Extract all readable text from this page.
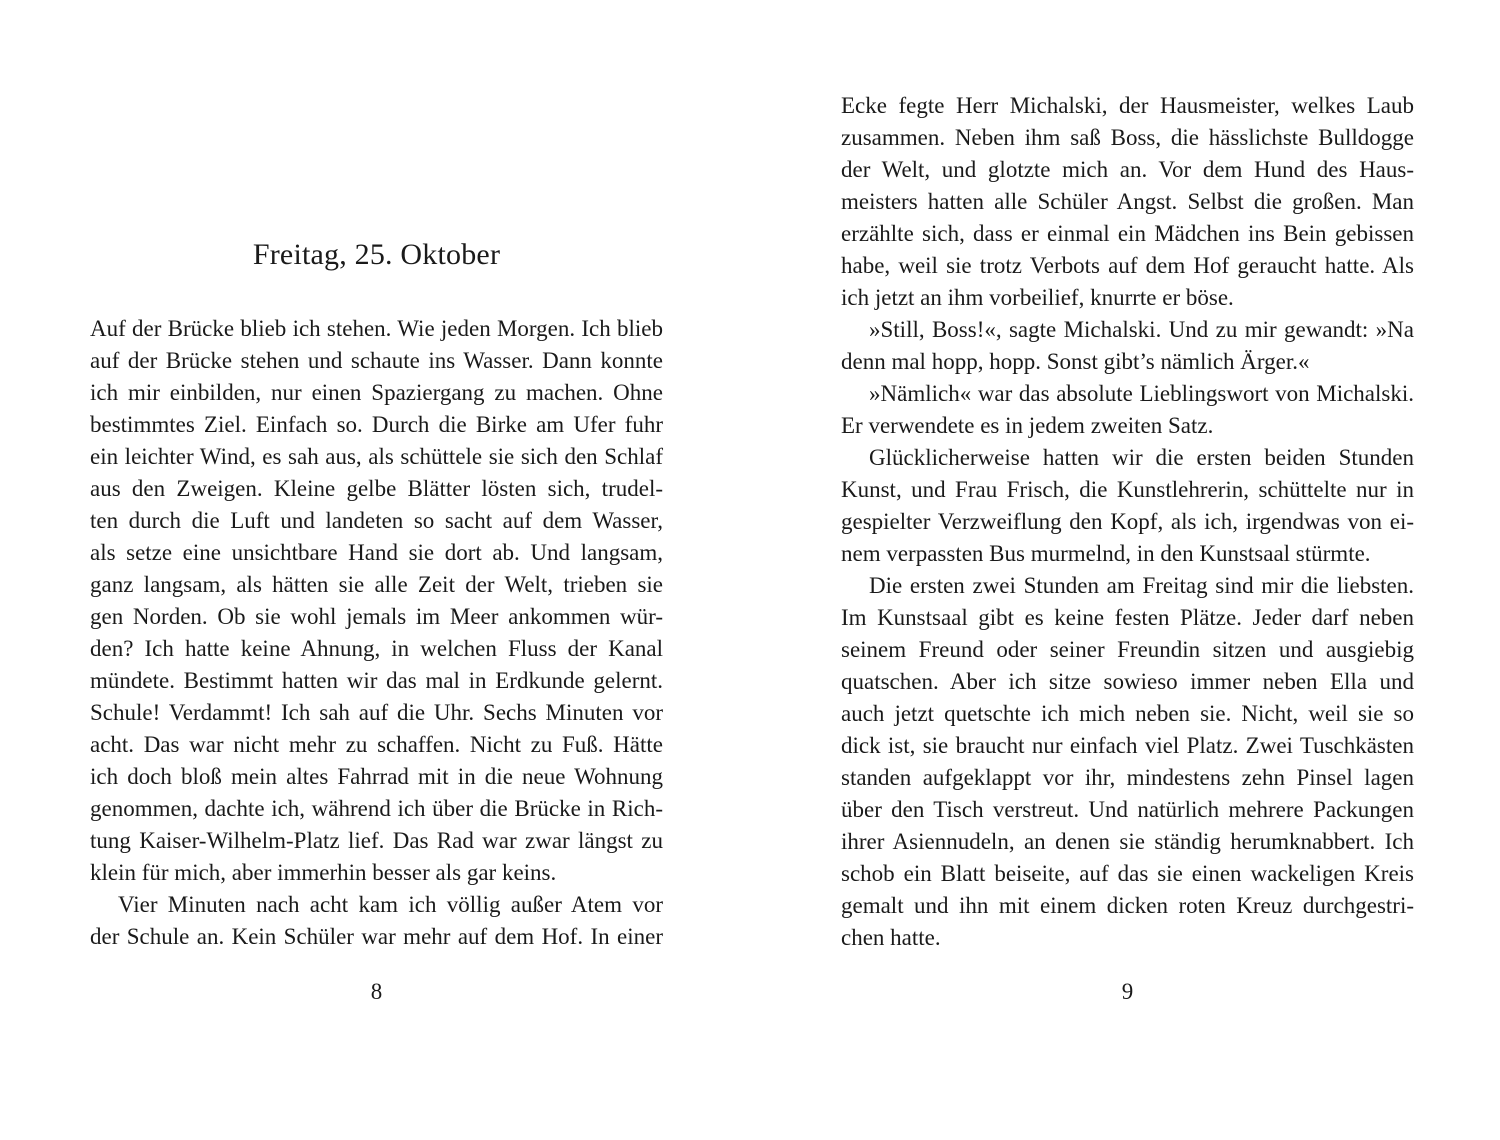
Freitag, 25. Oktober
Auf der Brücke blieb ich stehen. Wie jeden Morgen. Ich blieb
auf der Brücke stehen und schaute ins Wasser. Dann konnte
ich mir einbilden, nur einen Spaziergang zu machen. Ohne
bestimmtes Ziel. Einfach so. Durch die Birke am Ufer fuhr
ein leichter Wind, es sah aus, als schüttele sie sich den Schlaf
aus den Zweigen. Kleine gelbe Blätter lösten sich, trudel-
ten durch die Luft und landeten so sacht auf dem Wasser,
als setze eine unsichtbare Hand sie dort ab. Und langsam,
ganz langsam, als hätten sie alle Zeit der Welt, trieben sie
gen Norden. Ob sie wohl jemals im Meer ankommen wür-
den? Ich hatte keine Ahnung, in welchen Fluss der Kanal
mündete. Bestimmt hatten wir das mal in Erdkunde gelernt.
Schule! Verdammt! Ich sah auf die Uhr. Sechs Minuten vor
acht. Das war nicht mehr zu schaffen. Nicht zu Fuß. Hätte
ich doch bloß mein altes Fahrrad mit in die neue Wohnung
genommen, dachte ich, während ich über die Brücke in Rich-
tung Kaiser-Wilhelm-Platz lief. Das Rad war zwar längst zu
klein für mich, aber immerhin besser als gar keins.
Vier Minuten nach acht kam ich völlig außer Atem vor
der Schule an. Kein Schüler war mehr auf dem Hof. In einer
8
Ecke fegte Herr Michalski, der Hausmeister, welkes Laub
zusammen. Neben ihm saß Boss, die hässlichste Bulldogge
der Welt, und glotzte mich an. Vor dem Hund des Haus-
meisters hatten alle Schüler Angst. Selbst die großen. Man
erzählte sich, dass er einmal ein Mädchen ins Bein gebissen
habe, weil sie trotz Verbots auf dem Hof geraucht hatte. Als
ich jetzt an ihm vorbeilief, knurrte er böse.
»Still, Boss!«, sagte Michalski. Und zu mir gewandt: »Na
denn mal hopp, hopp. Sonst gibt’s nämlich Ärger.«
»Nämlich« war das absolute Lieblingswort von Michalski.
Er verwendete es in jedem zweiten Satz.
Glücklicherweise hatten wir die ersten beiden Stunden
Kunst, und Frau Frisch, die Kunstlehrerin, schüttelte nur in
gespielter Verzweiflung den Kopf, als ich, irgendwas von ei-
nem verpassten Bus murmelnd, in den Kunstsaal stürmte.
Die ersten zwei Stunden am Freitag sind mir die liebsten.
Im Kunstsaal gibt es keine festen Plätze. Jeder darf neben
seinem Freund oder seiner Freundin sitzen und ausgiebig
quatschen. Aber ich sitze sowieso immer neben Ella und
auch jetzt quetschte ich mich neben sie. Nicht, weil sie so
dick ist, sie braucht nur einfach viel Platz. Zwei Tuschkästen
standen aufgeklappt vor ihr, mindestens zehn Pinsel lagen
über den Tisch verstreut. Und natürlich mehrere Packungen
ihrer Asiennudeln, an denen sie ständig herumknabbert. Ich
schob ein Blatt beiseite, auf das sie einen wackeligen Kreis
gemalt und ihn mit einem dicken roten Kreuz durchgestri-
chen hatte.
9
